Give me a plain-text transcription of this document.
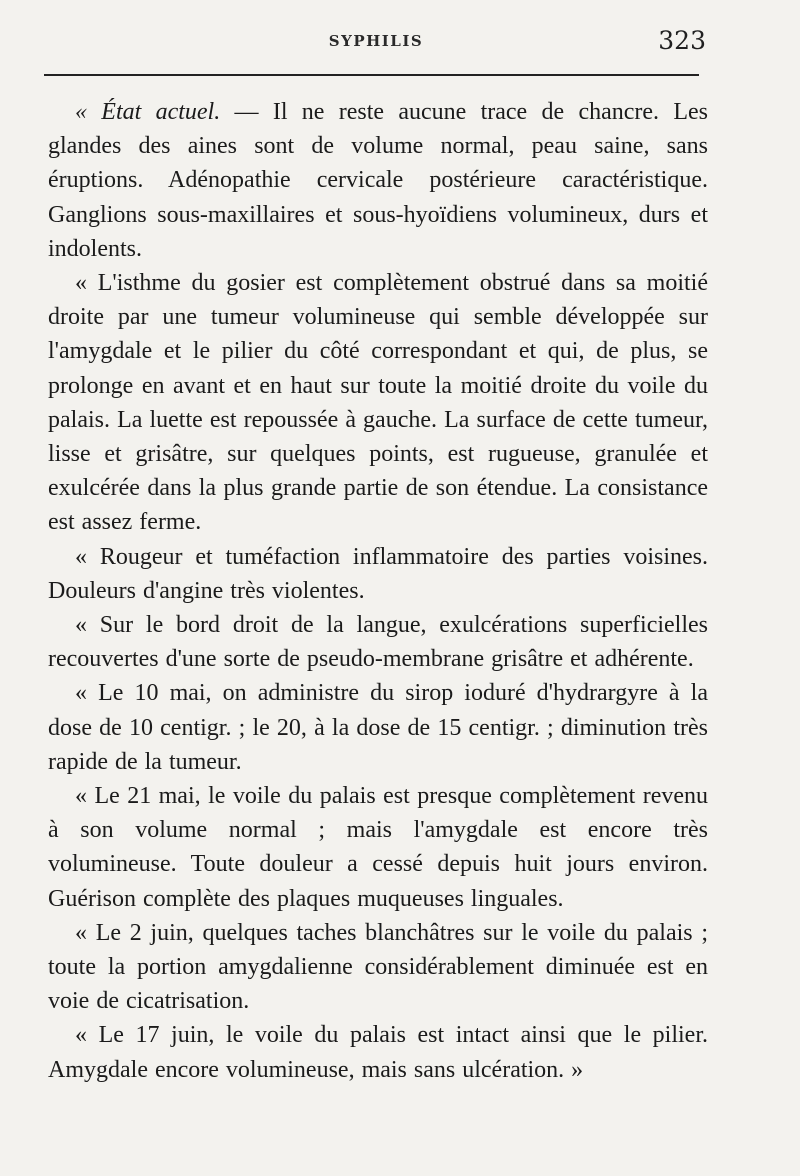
SYPHILIS	323

« État actuel. — Il ne reste aucune trace de chancre. Les glandes des aines sont de volume normal, peau saine, sans éruptions. Adénopathie cervicale postérieure caractéristique. Ganglions sous-maxillaires et sous-hyoïdiens volumineux, durs et indolents.

« L'isthme du gosier est complètement obstrué dans sa moitié droite par une tumeur volumineuse qui semble développée sur l'amygdale et le pilier du côté correspondant et qui, de plus, se prolonge en avant et en haut sur toute la moitié droite du voile du palais. La luette est repoussée à gauche. La surface de cette tumeur, lisse et grisâtre, sur quelques points, est rugueuse, granulée et exulcérée dans la plus grande partie de son étendue. La consistance est assez ferme.

« Rougeur et tuméfaction inflammatoire des parties voisines. Douleurs d'angine très violentes.

« Sur le bord droit de la langue, exulcérations superficielles recouvertes d'une sorte de pseudo-membrane grisâtre et adhérente.

« Le 10 mai, on administre du sirop ioduré d'hydrargyre à la dose de 10 centigr. ; le 20, à la dose de 15 centigr. ; diminution très rapide de la tumeur.

« Le 21 mai, le voile du palais est presque complètement revenu à son volume normal ; mais l'amygdale est encore très volumineuse. Toute douleur a cessé depuis huit jours environ. Guérison complète des plaques muqueuses linguales.

« Le 2 juin, quelques taches blanchâtres sur le voile du palais ; toute la portion amygdalienne considérablement diminuée est en voie de cicatrisation.

« Le 17 juin, le voile du palais est intact ainsi que le pilier. Amygdale encore volumineuse, mais sans ulcération. »
